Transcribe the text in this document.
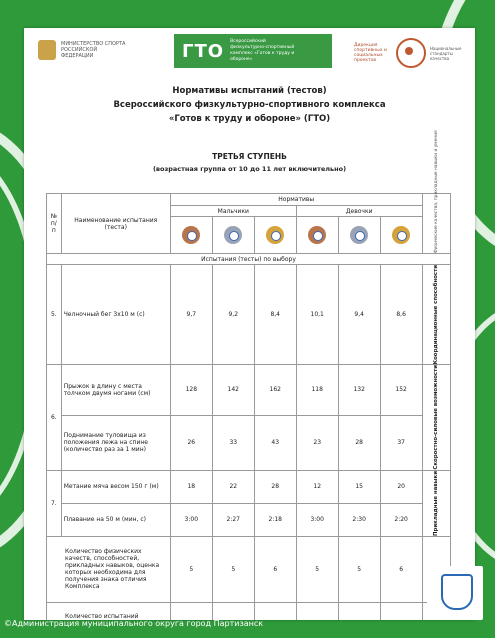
МИНИСТЕРСТВО СПОРТА РОССИЙСКОЙ ФЕДЕРАЦИИ	ГТО Всероссийский физкультурно-спортивный комплекс «Готов к труду и обороне»
Дирекция спортивных и социальных проектов
Национальные стандарты качества
Нормативы испытаний (тестов)
Всероссийского физкультурно-спортивного комплекса
«Готов к труду и обороне» (ГТО)
ТРЕТЬЯ СТУПЕНЬ
(возрастная группа от 10 до 11 лет включительно)
№ п/п	Наименование испытания (теста)	Нормативы						Физические качества, прикладные навыки и умения

		Мальчики			Девочки			

Испытания (тесты) по выбору								
5.	Челночный бег 3х10 м (с)	9,7	9,2	8,4	10,1	9,4	8,6	Координационные способности

6.	Прыжок в длину с места толчком двумя ногами (см)	128	142	162	118	132	152	Скоростно-силовые возможности

	Поднимание туловища из положения лежа на спине (количество раз за 1 мин)	26	33	43	23	28	37	
7.	Метание мяча весом 150 г (м)	18	22	28	12	15	20	Прикладные навыки

	Плавание на 50 м (мин, с)	3:00	2:27	2:18	3:00	2:30	2:20	
Количество физических качеств, способностей, прикладных навыков, оценка которых необходима для получения знака отличия Комплекса		5	5	6	5	5	6	
Количество испытаний							
©Администрация муниципального округа город Партизанск
